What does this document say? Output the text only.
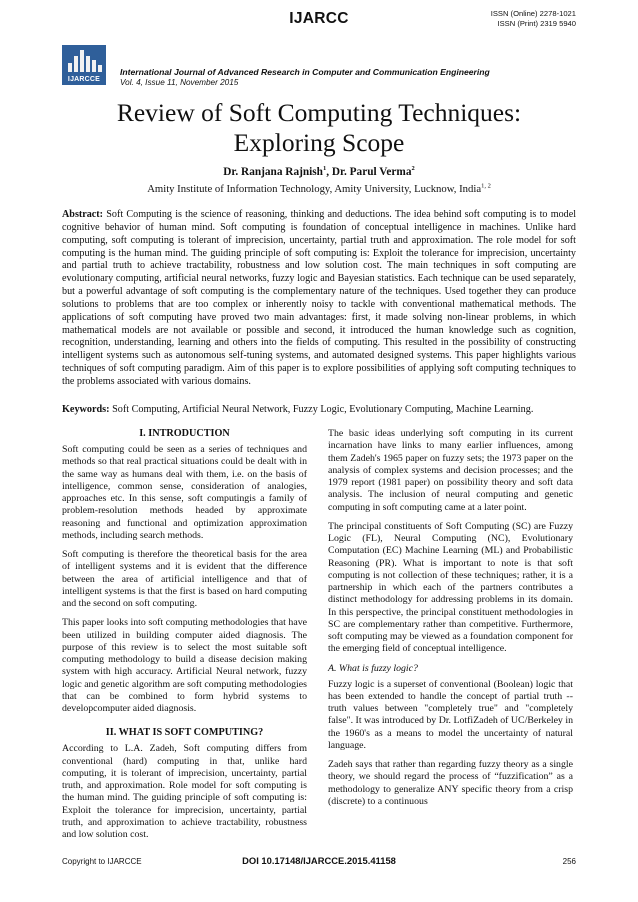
IJARCC	ISSN (Online) 2278-1021
ISSN (Print) 2319 5940
IJARCCE
International Journal of Advanced Research in Computer and Communication Engineering
Vol. 4, Issue 11, November 2015
Review of Soft Computing Techniques:
Exploring Scope
Dr. Ranjana Rajnish$^1$, Dr. Parul Verma$^2$
Amity Institute of Information Technology, Amity University, Lucknow, India$^{1, 2}$

Abstract: Soft Computing is the science of reasoning, thinking and deductions. The idea behind soft computing is to model cognitive behavior of human mind. Soft computing is foundation of conceptual intelligence in machines. Unlike hard computing, soft computing is tolerant of imprecision, uncertainty, partial truth and approximation. The role model for soft computing is the human mind. The guiding principle of soft computing is: Exploit the tolerance for imprecision, uncertainty and partial truth to achieve tractability, robustness and low solution cost. The main techniques in soft computing are evolutionary computing, artificial neural networks, fuzzy logic and Bayesian statistics. Each technique can be used separately, but a powerful advantage of soft computing is the complementary nature of the techniques. Used together they can produce solutions to problems that are too complex or inherently noisy to tackle with conventional mathematical methods. The applications of soft computing have proved two main advantages: first, it made solving non-linear problems, in which mathematical models are not available or possible and second, it introduced the human knowledge such as cognition, recognition, understanding, learning and others into the fields of computing. This resulted in the possibility of constructing intelligent systems such as autonomous self-tuning systems, and automated designed systems. This paper highlights various techniques of soft computing paradigm. Aim of this paper is to explore possibilities of applying soft computing techniques to the problems associated with various domains.

Keywords: Soft Computing, Artificial Neural Network, Fuzzy Logic, Evolutionary Computing, Machine Learning.

I. INTRODUCTION

Soft computing could be seen as a series of techniques and methods so that real practical situations could be dealt with in the same way as humans deal with them, i.e. on the basis of intelligence, common sense, consideration of analogies, approaches etc. In this sense, soft computingis a family of problem-resolution methods headed by approximate reasoning and functional and optimization approximation methods, including search methods.

Soft computing is therefore the theoretical basis for the area of intelligent systems and it is evident that the difference between the area of artificial intelligence and that of intelligent systems is that the first is based on hard computing and the second on soft computing.

This paper looks into soft computing methodologies that have been utilized in building computer aided diagnosis. The purpose of this review is to select the most suitable soft computing methodology to build a disease decision making system with high accuracy. Artificial Neural network, fuzzy logic and genetic algorithm are soft computing methodologies that can be combined to form hybrid systems to developcomputer aided diagnosis.

II. WHAT IS SOFT COMPUTING?

According to L.A. Zadeh, Soft computing differs from conventional (hard) computing in that, unlike hard computing, it is tolerant of imprecision, uncertainty, partial truth, and approximation. Role model for soft computing is the human mind. The guiding principle of soft computing is: Exploit the tolerance for imprecision, uncertainty, partial truth, and approximation to achieve tractability, robustness and low solution cost.

The basic ideas underlying soft computing in its current incarnation have links to many earlier influences, among them Zadeh's 1965 paper on fuzzy sets; the 1973 paper on the analysis of complex systems and decision processes; and the 1979 report (1981 paper) on possibility theory and soft data analysis. The inclusion of neural computing and genetic computing in soft computing came at a later point.

The principal constituents of Soft Computing (SC) are Fuzzy Logic (FL), Neural Computing (NC), Evolutionary Computation (EC) Machine Learning (ML) and Probabilistic Reasoning (PR). What is important to note is that soft computing is not collection of these techniques; rather, it is a partnership in which each of the partners contributes a distinct methodology for addressing problems in its domain. In this perspective, the principal constituent methodologies in SC are complementary rather than competitive. Furthermore, soft computing may be viewed as a foundation component for the emerging field of conceptual intelligence.

A. What is fuzzy logic?

Fuzzy logic is a superset of conventional (Boolean) logic that has been extended to handle the concept of partial truth -- truth values between "completely true" and "completely false". It was introduced by Dr. LotfiZadeh of UC/Berkeley in the 1960's as a means to model the uncertainty of natural language.

Zadeh says that rather than regarding fuzzy theory as a single theory, we should regard the process of “fuzzification” as a methodology to generalize ANY specific theory from a crisp (discrete) to a continuous

Copyright to IJARCCE	DOI 10.17148/IJARCCE.2015.41158	256
